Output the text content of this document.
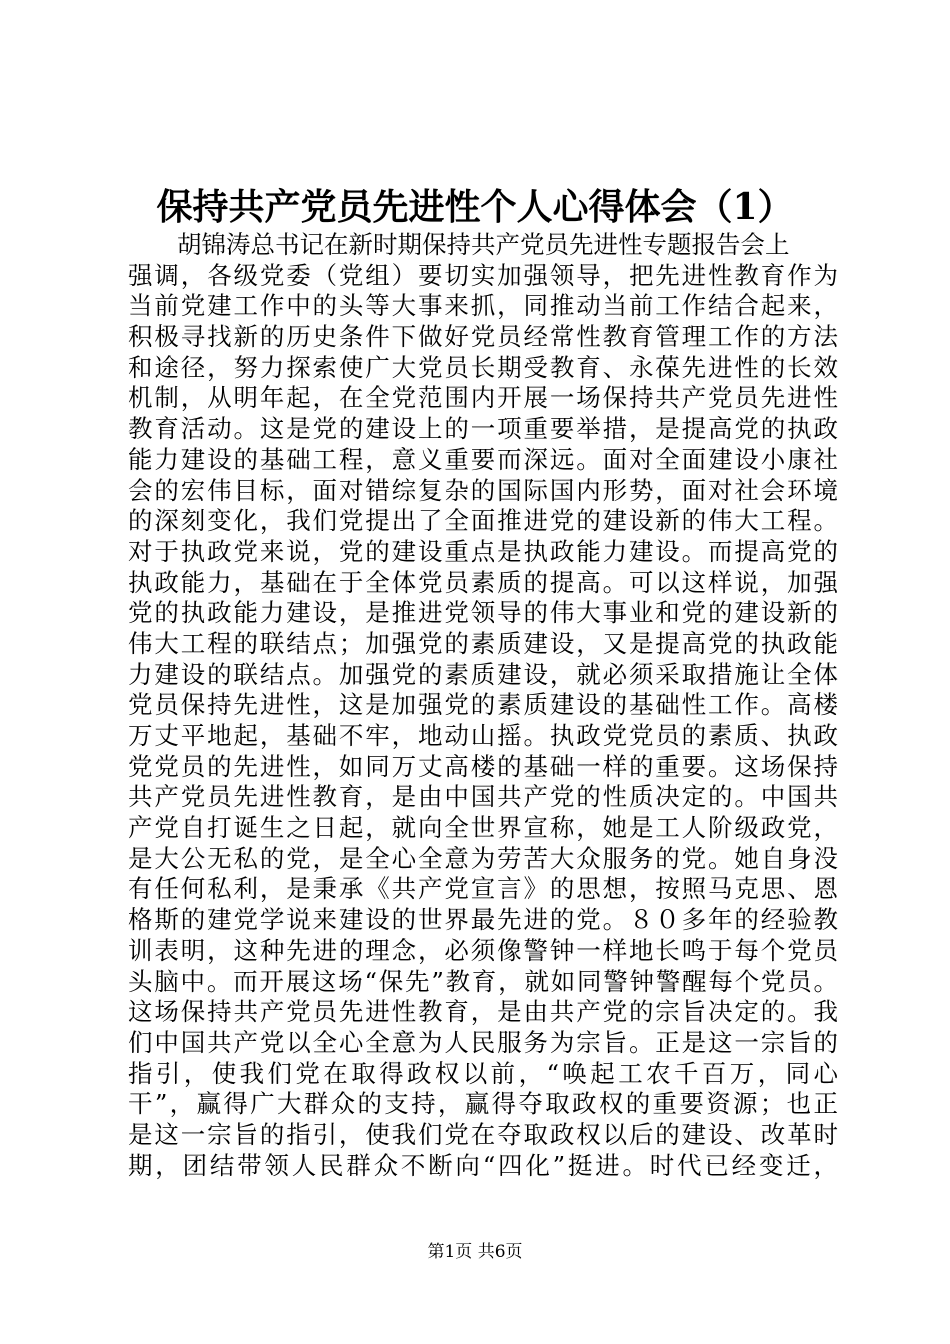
保持共产党员先进性个人心得体会（1）
胡锦涛总书记在新时期保持共产党员先进性专题报告会上
强调，各级党委（党组）要切实加强领导，把先进性教育作为
当前党建工作中的头等大事来抓，同推动当前工作结合起来，
积极寻找新的历史条件下做好党员经常性教育管理工作的方法
和途径，努力探索使广大党员长期受教育、永葆先进性的长效
机制，从明年起，在全党范围内开展一场保持共产党员先进性
教育活动。这是党的建设上的一项重要举措，是提高党的执政
能力建设的基础工程，意义重要而深远。面对全面建设小康社
会的宏伟目标，面对错综复杂的国际国内形势，面对社会环境
的深刻变化，我们党提出了全面推进党的建设新的伟大工程。
对于执政党来说，党的建设重点是执政能力建设。而提高党的
执政能力，基础在于全体党员素质的提高。可以这样说，加强
党的执政能力建设，是推进党领导的伟大事业和党的建设新的
伟大工程的联结点；加强党的素质建设，又是提高党的执政能
力建设的联结点。加强党的素质建设，就必须采取措施让全体
党员保持先进性，这是加强党的素质建设的基础性工作。高楼
万丈平地起，基础不牢，地动山摇。执政党党员的素质、执政
党党员的先进性，如同万丈高楼的基础一样的重要。这场保持
共产党员先进性教育，是由中国共产党的性质决定的。中国共
产党自打诞生之日起，就向全世界宣称，她是工人阶级政党，
是大公无私的党，是全心全意为劳苦大众服务的党。她自身没
有任何私利，是秉承《共产党宣言》的思想，按照马克思、恩
格斯的建党学说来建设的世界最先进的党。８０多年的经验教
训表明，这种先进的理念，必须像警钟一样地长鸣于每个党员
头脑中。而开展这场“保先”教育，就如同警钟警醒每个党员。
这场保持共产党员先进性教育，是由共产党的宗旨决定的。我
们中国共产党以全心全意为人民服务为宗旨。正是这一宗旨的
指引，使我们党在取得政权以前，“唤起工农千百万，同心
干”，赢得广大群众的支持，赢得夺取政权的重要资源；也正
是这一宗旨的指引，使我们党在夺取政权以后的建设、改革时
期，团结带领人民群众不断向“四化”挺进。时代已经变迁，
第1页 共6页
